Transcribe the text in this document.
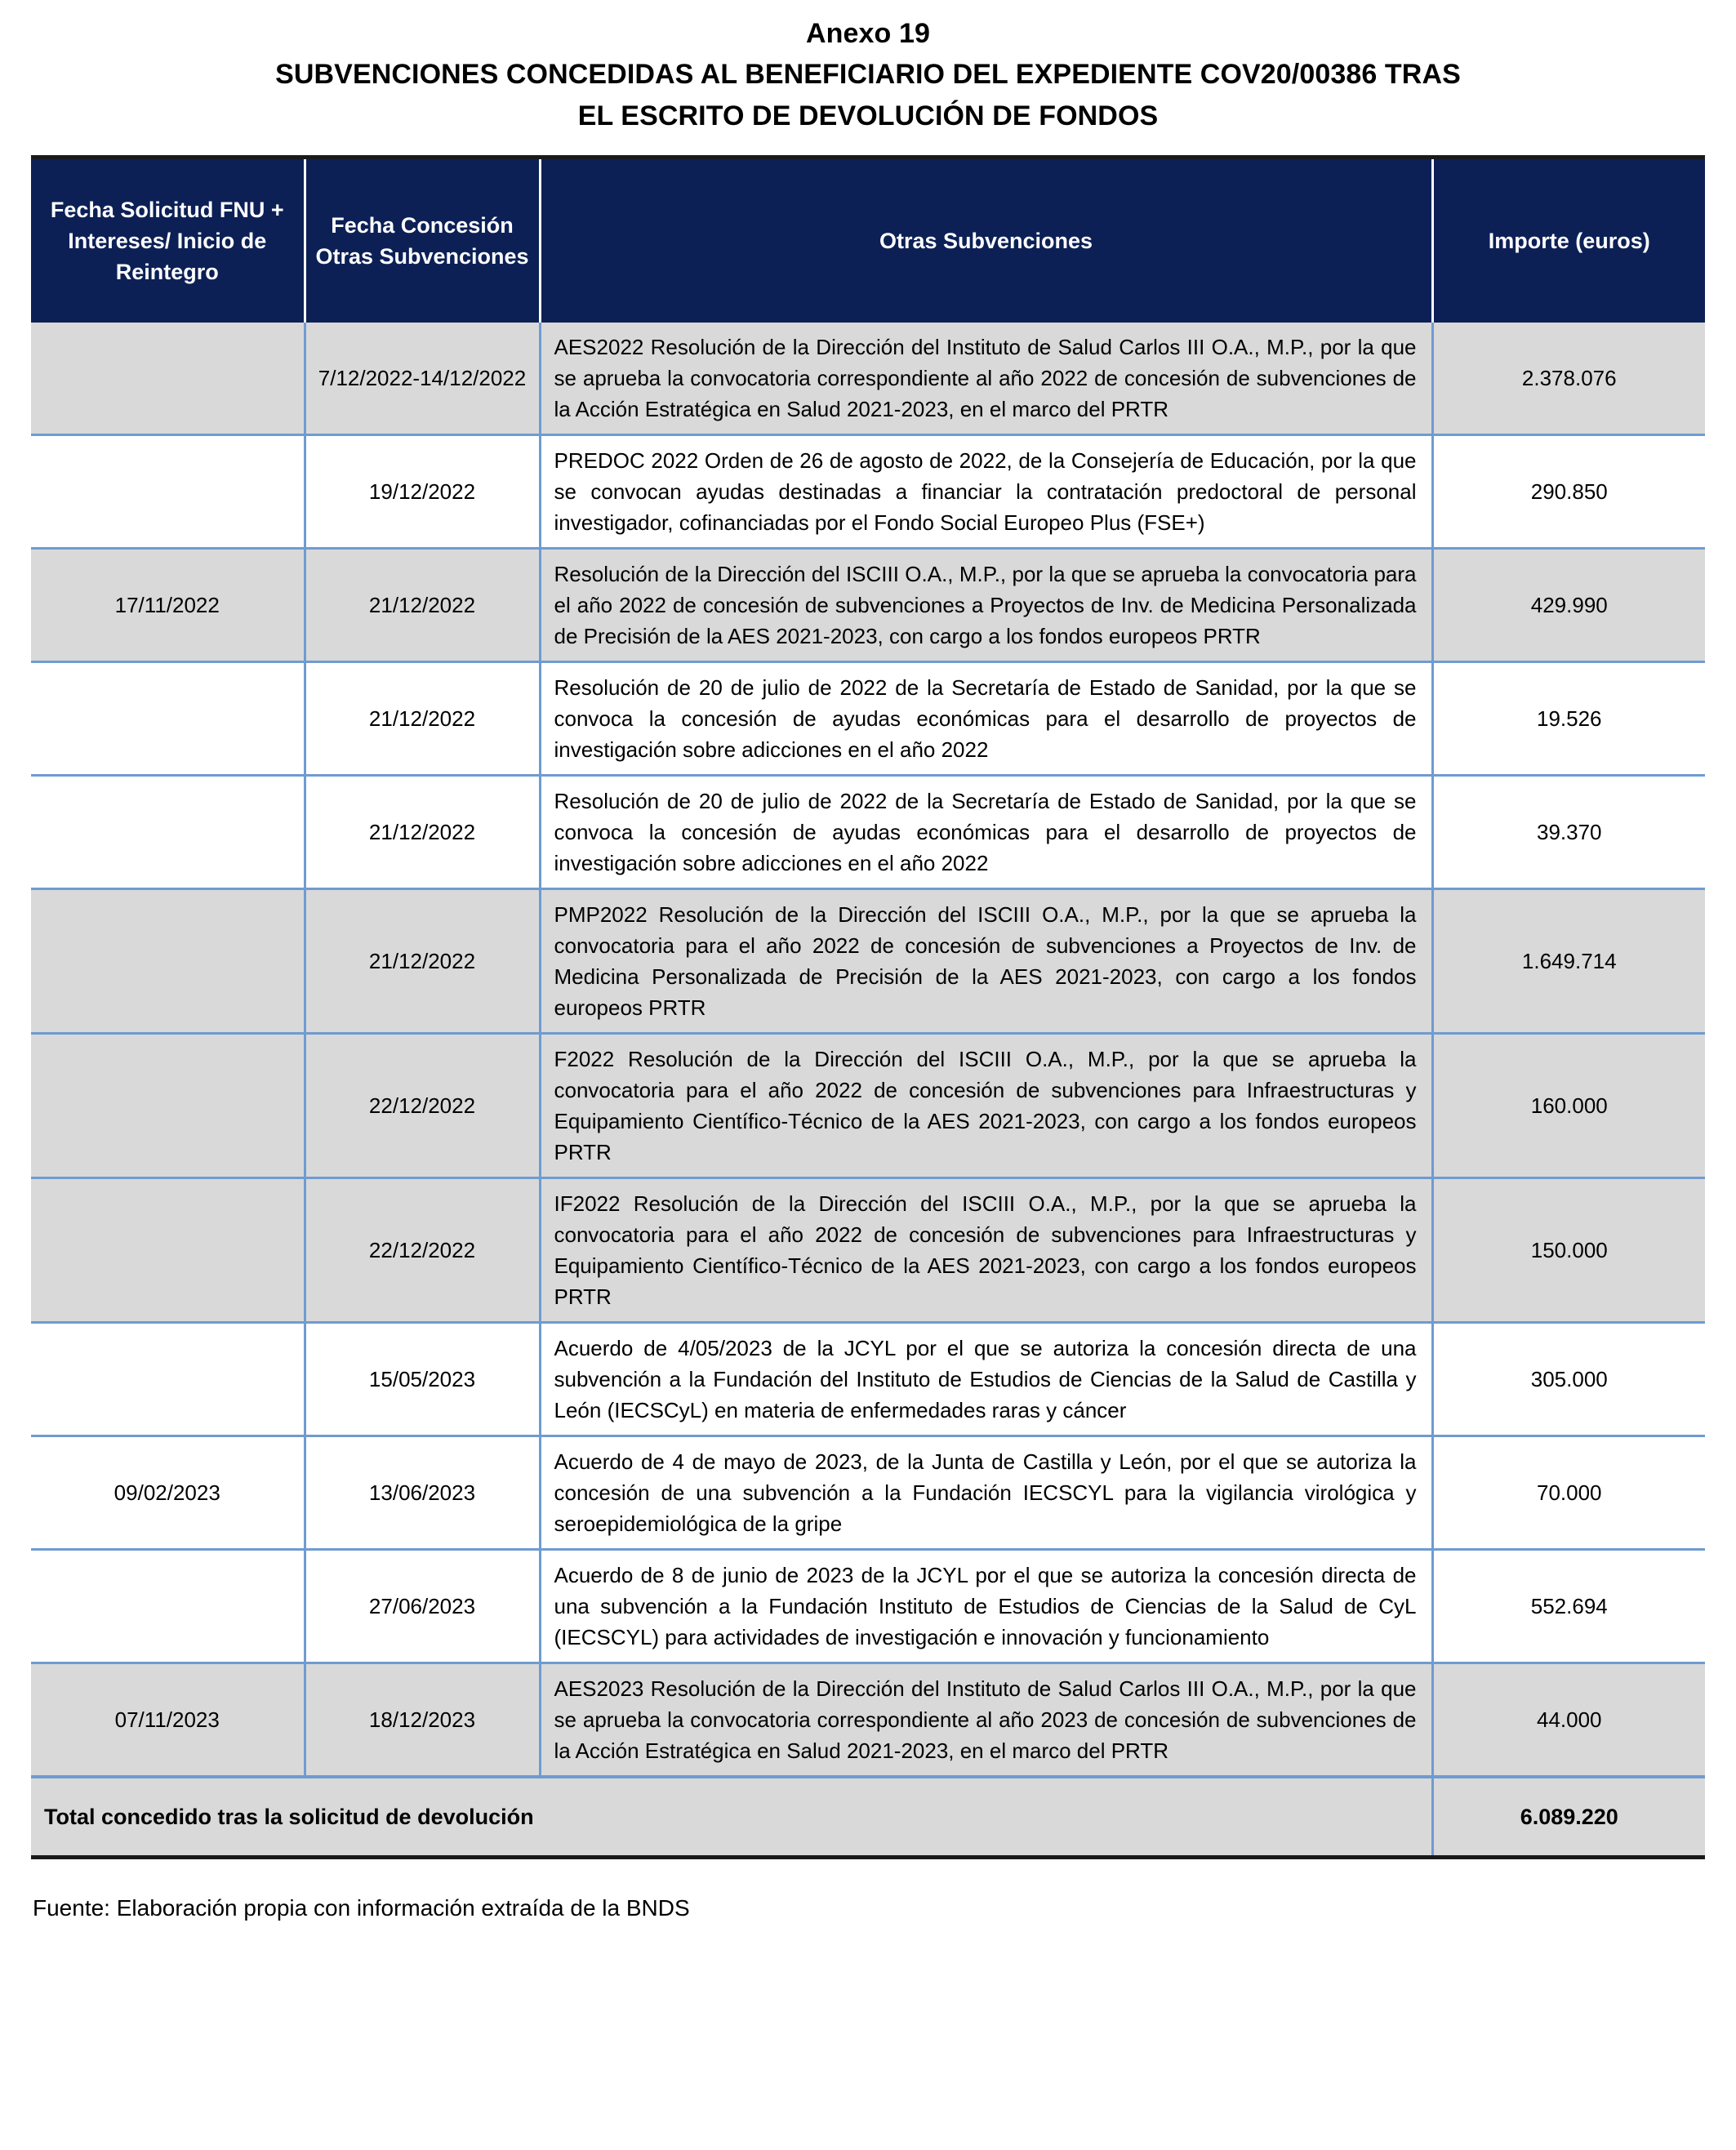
Anexo 19
SUBVENCIONES CONCEDIDAS AL BENEFICIARIO DEL EXPEDIENTE COV20/00386 TRAS
EL ESCRITO DE DEVOLUCIÓN DE FONDOS
Fecha Solicitud FNU + Intereses/ Inicio de Reintegro	Fecha Concesión Otras Subvenciones	Otras Subvenciones	Importe (euros)
	7/12/2022-14/12/2022	AES2022 Resolución de la Dirección del Instituto de Salud Carlos III O.A., M.P., por la que se aprueba la convocatoria correspondiente al año 2022 de concesión de subvenciones de la Acción Estratégica en Salud 2021-2023, en el marco del PRTR	2.378.076
	19/12/2022	PREDOC 2022 Orden de 26 de agosto de 2022, de la Consejería de Educación, por la que se convocan ayudas destinadas a financiar la contratación predoctoral de personal investigador, cofinanciadas por el Fondo Social Europeo Plus (FSE+)	290.850
17/11/2022	21/12/2022	Resolución de la Dirección del ISCIII O.A., M.P., por la que se aprueba la convocatoria para el año 2022 de concesión de subvenciones a Proyectos de Inv. de Medicina Personalizada de Precisión de la AES 2021-2023, con cargo a los fondos europeos PRTR	429.990
	21/12/2022	Resolución de 20 de julio de 2022 de la Secretaría de Estado de Sanidad, por la que se convoca la concesión de ayudas económicas para el desarrollo de proyectos de investigación sobre adicciones en el año 2022	19.526
	21/12/2022	Resolución de 20 de julio de 2022 de la Secretaría de Estado de Sanidad, por la que se convoca la concesión de ayudas económicas para el desarrollo de proyectos de investigación sobre adicciones en el año 2022	39.370
	21/12/2022	PMP2022 Resolución de la Dirección del ISCIII O.A., M.P., por la que se aprueba la convocatoria para el año 2022 de concesión de subvenciones a Proyectos de Inv. de Medicina Personalizada de Precisión de la AES 2021-2023, con cargo a los fondos europeos PRTR	1.649.714
	22/12/2022	F2022 Resolución de la Dirección del ISCIII O.A., M.P., por la que se aprueba la convocatoria para el año 2022 de concesión de subvenciones para Infraestructuras y Equipamiento Científico-Técnico de la AES 2021-2023, con cargo a los fondos europeos PRTR	160.000
	22/12/2022	IF2022 Resolución de la Dirección del ISCIII O.A., M.P., por la que se aprueba la convocatoria para el año 2022 de concesión de subvenciones para Infraestructuras y Equipamiento Científico-Técnico de la AES 2021-2023, con cargo a los fondos europeos PRTR	150.000
	15/05/2023	Acuerdo de 4/05/2023 de la JCYL por el que se autoriza la concesión directa de una subvención a la Fundación del Instituto de Estudios de Ciencias de la Salud de Castilla y León (IECSCyL) en materia de enfermedades raras y cáncer	305.000
09/02/2023	13/06/2023	Acuerdo de 4 de mayo de 2023, de la Junta de Castilla y León, por el que se autoriza la concesión de una subvención a la Fundación IECSCYL para la vigilancia virológica y seroepidemiológica de la gripe	70.000
	27/06/2023	Acuerdo de 8 de junio de 2023 de la JCYL por el que se autoriza la concesión directa de una subvención a la Fundación Instituto de Estudios de Ciencias de la Salud de CyL (IECSCYL) para actividades de investigación e innovación y funcionamiento	552.694
07/11/2023	18/12/2023	AES2023 Resolución de la Dirección del Instituto de Salud Carlos III O.A., M.P., por la que se aprueba la convocatoria correspondiente al año 2023 de concesión de subvenciones de la Acción Estratégica en Salud 2021-2023, en el marco del PRTR	44.000
Total concedido tras la solicitud de devolución			6.089.220
Fuente: Elaboración propia con información extraída de la BNDS
